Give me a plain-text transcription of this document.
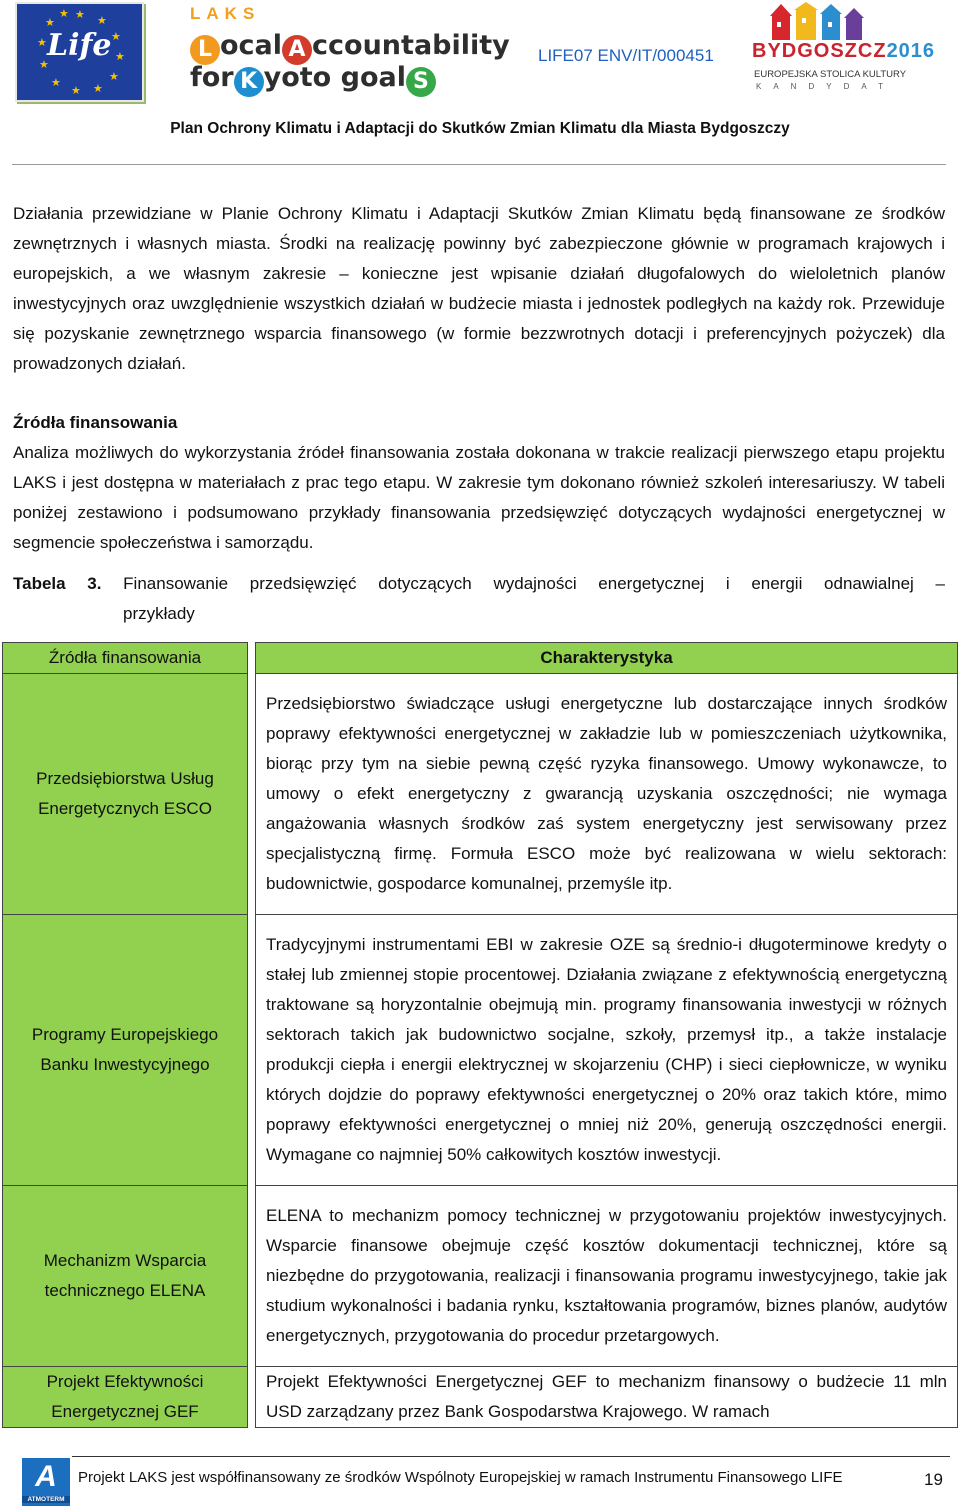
★ ★
★
★
★
★
★
★
★
★
★
★
Life
LAKS
L ocal A ccountability
for K yoto goal S
LIFE07 ENV/IT/000451 BYDGOSZCZ2016
EUROPEJSKA STOLICA KULTURY
KANDYDAT
Plan Ochrony Klimatu i Adaptacji do Skutków Zmian Klimatu dla Miasta Bydgoszczy
Działania przewidziane w Planie Ochrony Klimatu i Adaptacji Skutków Zmian Klimatu będą finansowane ze środków zewnętrznych i własnych miasta. Środki na realizację powinny być zabezpieczone głównie w programach krajowych i europejskich, a we własnym zakresie – konieczne jest wpisanie działań długofalowych do wieloletnich planów inwestycyjnych oraz uwzględnienie wszystkich działań w budżecie miasta i jednostek podległych na każdy rok. Przewiduje się pozyskanie zewnętrznego wsparcia finansowego (w formie bezzwrotnych dotacji i preferencyjnych pożyczek) dla prowadzonych działań.
Źródła finansowania
Analiza możliwych do wykorzystania źródeł finansowania została dokonana w trakcie realizacji pierwszego etapu projektu LAKS i jest dostępna w materiałach z prac tego etapu. W zakresie tym dokonano również szkoleń interesariuszy. W tabeli poniżej zestawiono i podsumowano przykłady finansowania przedsięwzięć dotyczących wydajności energetycznej w segmencie społeczeństwa i samorządu.
Tabela 3. Finansowanie przedsięwzięć dotyczących wydajności energetycznej i energii odnawialnej –
przykłady
Źródła finansowania		Charakterystyka
Przedsiębiorstwa Usług Energetycznych ESCO		Przedsiębiorstwo świadczące usługi energetyczne lub dostarczające innych środków poprawy efektywności energetycznej w zakładzie lub w pomieszczeniach użytkownika, biorąc przy tym na siebie pewną część ryzyka finansowego. Umowy wykonawcze, to umowy o efekt energetyczny z gwarancją uzyskania oszczędności; nie wymaga angażowania własnych środków zaś system energetyczny jest serwisowany przez specjalistyczną firmę. Formuła ESCO może być realizowana w wielu sektorach: budownictwie, gospodarce komunalnej, przemyśle itp.
Programy Europejskiego Banku Inwestycyjnego		Tradycyjnymi instrumentami EBI w zakresie OZE są średnio-i długoterminowe kredyty o stałej lub zmiennej stopie procentowej. Działania związane z efektywnością energetyczną traktowane są horyzontalnie obejmują min. programy finansowania inwestycji w różnych sektorach takich jak budownictwo socjalne, szkoły, przemysł itp., a także instalacje produkcji ciepła i energii elektrycznej w skojarzeniu (CHP) i sieci ciepłownicze, w wyniku których dojdzie do poprawy efektywności energetycznej o 20% oraz takich które, mimo poprawy efektywności energetycznej o mniej niż 20%, generują oszczędności energii. Wymagane co najmniej 50% całkowitych kosztów inwestycji.
Mechanizm Wsparcia technicznego ELENA		ELENA to mechanizm pomocy technicznej w przygotowaniu projektów inwestycyjnych. Wsparcie finansowe obejmuje część kosztów dokumentacji technicznej, które są niezbędne do przygotowania, realizacji i finansowania programu inwestycyjnego, takie jak studium wykonalności i badania rynku, kształtowania programów, biznes planów, audytów energetycznych, przygotowania do procedur przetargowych.
Projekt Efektywności Energetycznej GEF		Projekt Efektywności Energetycznej GEF to mechanizm finansowy o budżecie 11 mln USD zarządzany przez Bank Gospodarstwa Krajowego. W ramach
A
ATMOTERM
Projekt LAKS jest współfinansowany ze środków Wspólnoty Europejskiej w ramach Instrumentu Finansowego LIFE	19
